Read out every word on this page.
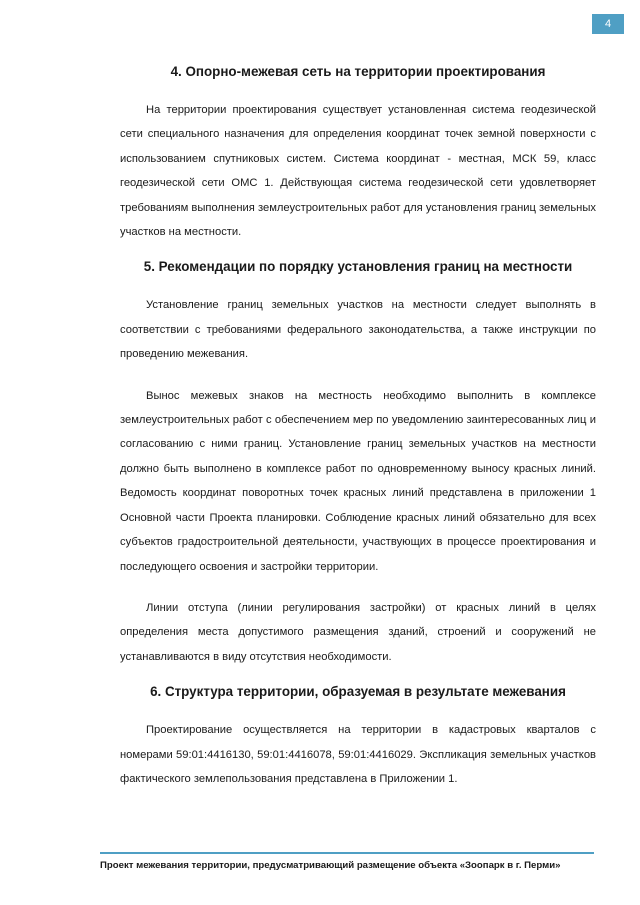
4
4. Опорно-межевая сеть на территории проектирования

На территории проектирования существует установленная система геодезической сети специального назначения для определения координат точек земной поверхности с использованием спутниковых систем. Система координат - местная, МСК 59, класс геодезической сети ОМС 1. Действующая система геодезической сети удовлетворяет требованиям выполнения землеустроительных работ для установления границ земельных участков на местности.

5. Рекомендации по порядку установления границ на местности

Установление границ земельных участков на местности следует выполнять в соответствии с требованиями федерального законодательства, а также инструкции по проведению межевания.

Вынос межевых знаков на местность необходимо выполнить в комплексе землеустроительных работ с обеспечением мер по уведомлению заинтересованных лиц и согласованию с ними границ. Установление границ земельных участков на местности должно быть выполнено в комплексе работ по одновременному выносу красных линий. Ведомость координат поворотных точек красных линий представлена в приложении 1 Основной части Проекта планировки. Соблюдение красных линий обязательно для всех субъектов градостроительной деятельности, участвующих в процессе проектирования и последующего освоения и застройки территории.

Линии отступа (линии регулирования застройки) от красных линий в целях определения места допустимого размещения зданий, строений и сооружений не устанавливаются в виду отсутствия необходимости.

6. Структура территории, образуемая в результате межевания

Проектирование осуществляется на территории в кадастровых кварталов с номерами 59:01:4416130, 59:01:4416078, 59:01:4416029. Экспликация земельных участков фактического землепользования представлена в Приложении 1.

Проект межевания территории, предусматривающий размещение объекта «Зоопарк в г. Перми»
